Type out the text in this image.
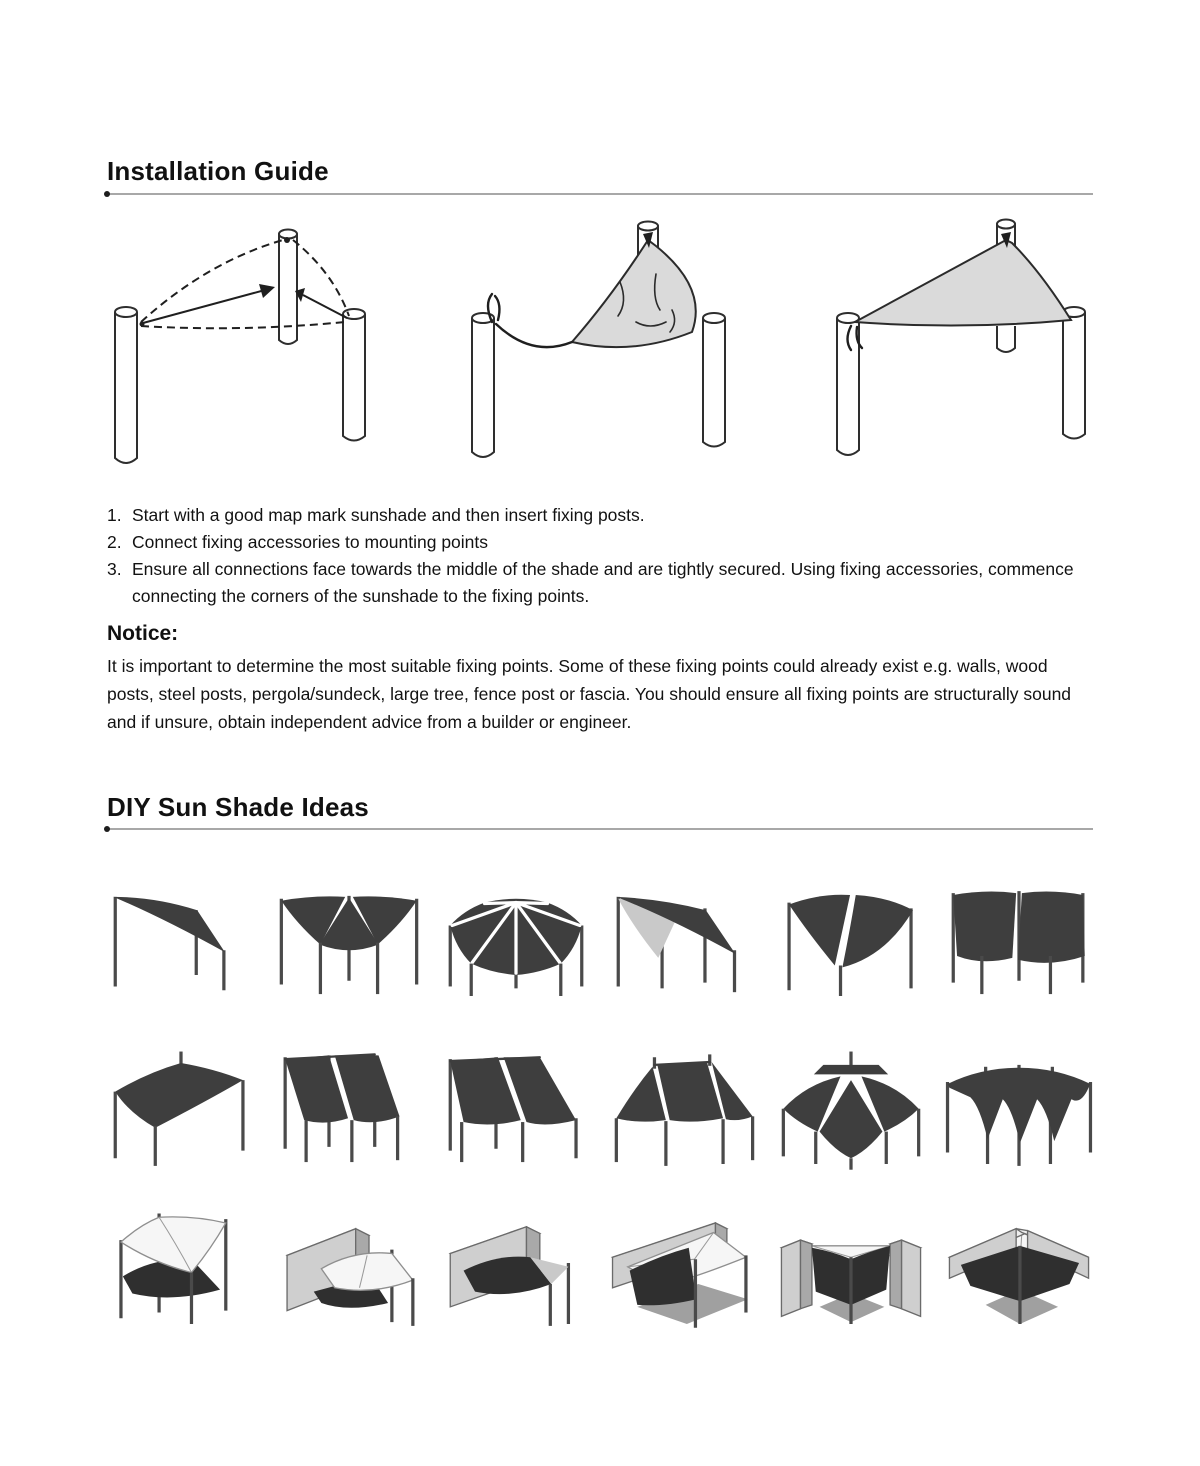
Installation Guide
1. Start with a good map mark sunshade and then insert fixing posts.
2. Connect fixing accessories to mounting points
3. Ensure all connections face towards the middle of the shade and are tightly secured. Using fixing accessories, commence connecting the corners of the sunshade to the fixing points.
Notice:

It is important to determine the most suitable fixing points. Some of these fixing points could already exist e.g. walls, wood posts, steel posts, pergola/sundeck, large tree, fence post or fascia. You should ensure all fixing points are structurally sound and if unsure, obtain independent advice from a builder or engineer.

DIY Sun Shade Ideas
